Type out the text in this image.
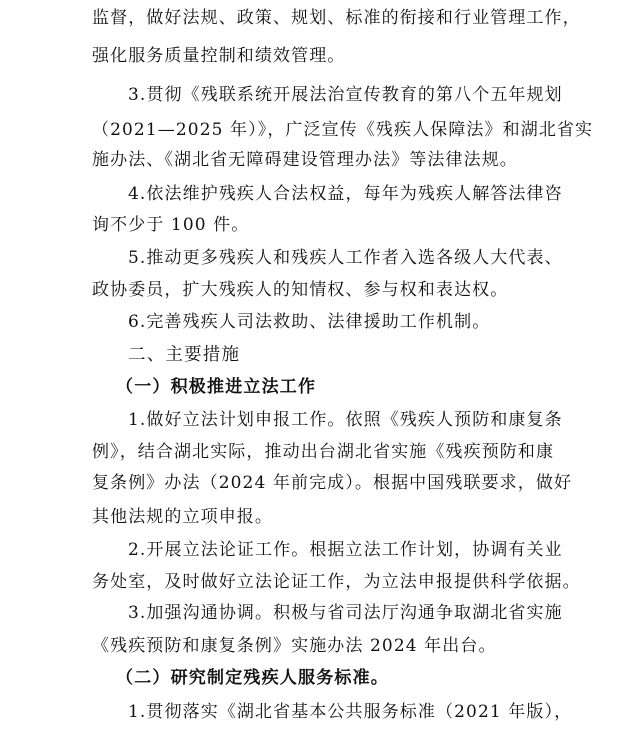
监督，做好法规、政策、规划、标准的衔接和行业管理工作，
强化服务质量控制和绩效管理。
3.贯彻《残联系统开展法治宣传教育的第八个五年规划
（2021—2025 年）》，广泛宣传《残疾人保障法》和湖北省实
施办法、《湖北省无障碍建设管理办法》等法律法规。
4.依法维护残疾人合法权益，每年为残疾人解答法律咨
询不少于 100 件。
5.推动更多残疾人和残疾人工作者入选各级人大代表、
政协委员，扩大残疾人的知情权、参与权和表达权。
6.完善残疾人司法救助、法律援助工作机制。
二、主要措施
（一）积极推进立法工作
1.做好立法计划申报工作。依照《残疾人预防和康复条
例》，结合湖北实际，推动出台湖北省实施《残疾预防和康
复条例》办法（2024 年前完成）。根据中国残联要求，做好
其他法规的立项申报。
2.开展立法论证工作。根据立法工作计划，协调有关业
务处室，及时做好立法论证工作，为立法申报提供科学依据。
3.加强沟通协调。积极与省司法厅沟通争取湖北省实施
《残疾预防和康复条例》实施办法 2024 年出台。
（二）研究制定残疾人服务标准。
1.贯彻落实《湖北省基本公共服务标准（2021 年版），
